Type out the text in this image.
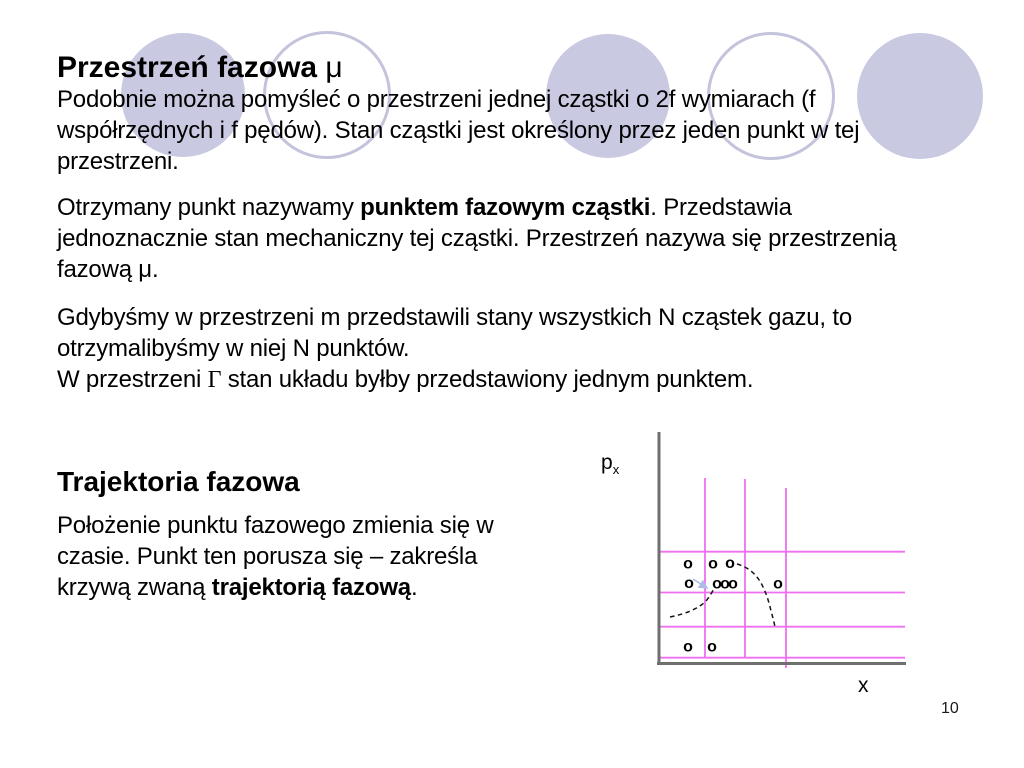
Przestrzeń fazowa μ
Podobnie można pomyśleć o przestrzeni jednej cząstki o 2f wymiarach (f
współrzędnych i f pędów). Stan cząstki jest określony przez jeden punkt w tej
przestrzeni.
Otrzymany punkt nazywamy punktem fazowym cząstki. Przedstawia
jednoznacznie stan mechaniczny tej cząstki. Przestrzeń nazywa się przestrzenią
fazową μ.
Gdybyśmy w przestrzeni m przedstawili stany wszystkich N cząstek gazu, to
otrzymalibyśmy w niej N punktów.
W przestrzeni Γ stan układu byłby przedstawiony jednym punktem.
Trajektoria fazowa
Położenie punktu fazowego zmienia się w
czasie. Punkt ten porusza się – zakreśla
krzywą zwaną trajektorią fazową.
$p_x$
o o o
o o
o
o o
o o
x
10
